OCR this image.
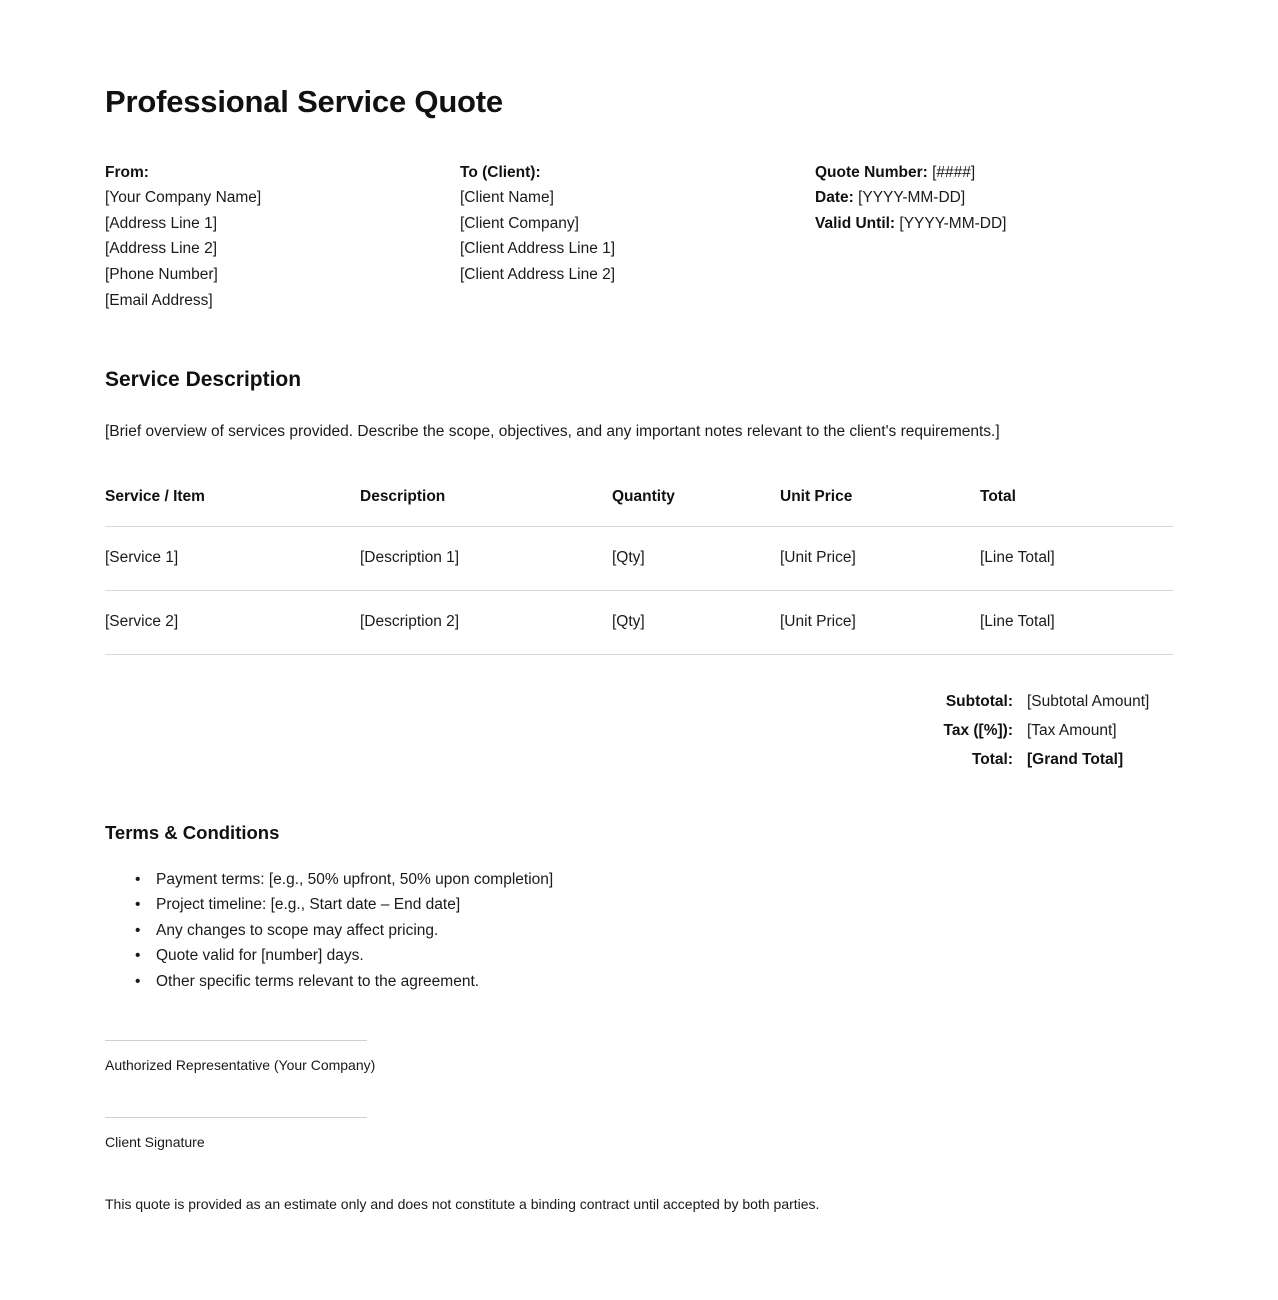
Professional Service Quote
From:
[Your Company Name]
[Address Line 1]
[Address Line 2]
[Phone Number]
[Email Address]
To (Client):
[Client Name]
[Client Company]
[Client Address Line 1]
[Client Address Line 2]
Quote Number: [####]
Date: [YYYY-MM-DD]
Valid Until: [YYYY-MM-DD]
Service Description

[Brief overview of services provided. Describe the scope, objectives, and any important notes relevant to the client's requirements.]

Service / Item	Description	Quantity	Unit Price	Total
[Service 1]	[Description 1]	[Qty]	[Unit Price]	[Line Total]
[Service 2]	[Description 2]	[Qty]	[Unit Price]	[Line Total]
Subtotal: [Subtotal Amount]
Tax ([%]): [Tax Amount]
Total: [Grand Total]
Terms & Conditions
• Payment terms: [e.g., 50% upfront, 50% upon completion]
• Project timeline: [e.g., Start date – End date]
• Any changes to scope may affect pricing.
• Quote valid for [number] days.
• Other specific terms relevant to the agreement.
Authorized Representative (Your Company)
Client Signature
This quote is provided as an estimate only and does not constitute a binding contract until accepted by both parties.
